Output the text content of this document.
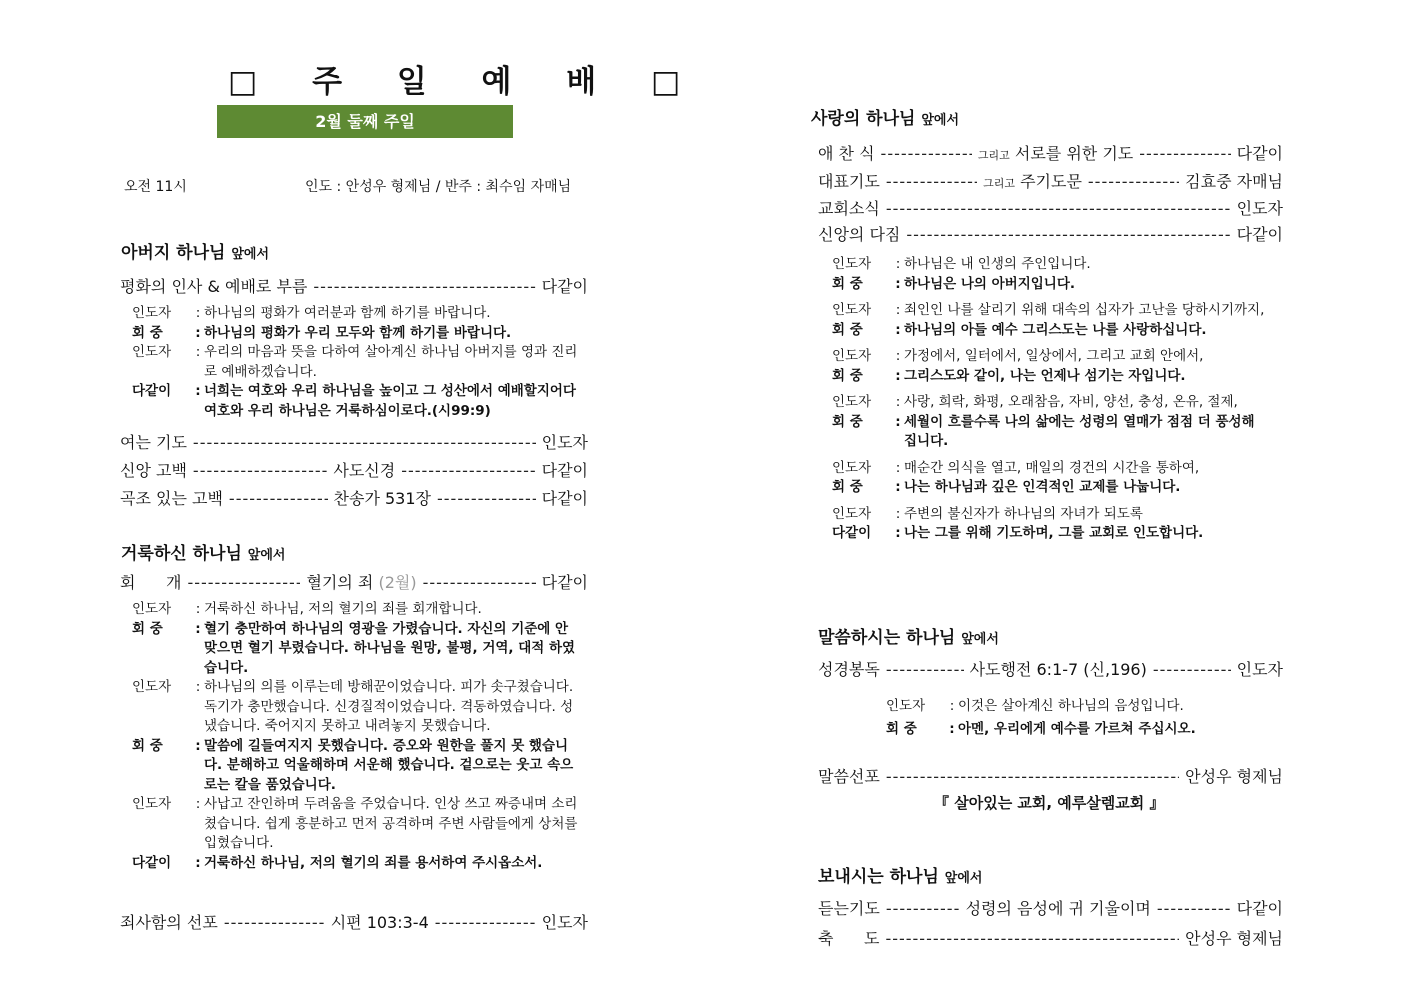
□ 주 일 예 배 □
2월 둘째 주일
오전 11시	인도 : 안성우 형제님 / 반주 : 최수임 자매님
아버지 하나님 앞에서
평화의 인사 & 예배로 부름 -----	다같이
인도자	: 하나님의 평화가 여러분과 함께 하기를 바랍니다.
회 중	: 하나님의 평화가 우리 모두와 함께 하기를 바랍니다.
인도자	: 우리의 마음과 뜻을 다하여 살아계신 하나님 아버지를 영과 진리로 예배하겠습니다.
다같이	: 너희는 여호와 우리 하나님을 높이고 그 성산에서 예배할지어다 여호와 우리 하나님은 거룩하심이로다.(시99:9)
여는 기도 -----	인도자
신앙 고백 -----	사도신경 -----	다같이
곡조 있는 고백 -----	찬송가 531장 -----	다같이
거룩하신 하나님 앞에서
회      개 -----	혈기의 죄 (2월) -----	다같이
인도자	: 거룩하신 하나님, 저의 혈기의 죄를 회개합니다.
회 중	: 혈기 충만하여 하나님의 영광을 가렸습니다. 자신의 기준에 안 맞으면 혈기 부렸습니다. 하나님을 원망, 불평, 거역, 대적 하였습니다.
인도자	: 하나님의 의를 이루는데 방해꾼이었습니다. 피가 솟구쳤습니다. 독기가 충만했습니다. 신경질적이었습니다. 격동하였습니다. 성냈습니다. 죽어지지 못하고 내려놓지 못했습니다.
회 중	: 말씀에 길들여지지 못했습니다. 증오와 원한을 풀지 못 했습니다. 분해하고 억울해하며 서운해 했습니다. 겉으로는 웃고 속으로는 칼을 품었습니다.
인도자	: 사납고 잔인하며 두려움을 주었습니다. 인상 쓰고 짜증내며 소리쳤습니다. 쉽게 흥분하고 먼저 공격하며 주변 사람들에게 상처를 입혔습니다.
다같이	: 거룩하신 하나님, 저의 혈기의 죄를 용서하여 주시옵소서.
죄사함의 선포 -----	시편 103:3-4 -----	인도자
사랑의 하나님 앞에서
애 찬 식 -----	그리고 서로를 위한 기도 -----	다같이
대표기도 -----	그리고 주기도문 -----	김효중 자매님
교회소식 -----	인도자
신앙의 다짐 -----	다같이
인도자	: 하나님은 내 인생의 주인입니다.
회 중	: 하나님은 나의 아버지입니다.
인도자	: 죄인인 나를 살리기 위해 대속의 십자가 고난을 당하시기까지,
회 중	: 하나님의 아들 예수 그리스도는 나를 사랑하십니다.
인도자	: 가정에서, 일터에서, 일상에서, 그리고 교회 안에서,
회 중	: 그리스도와 같이, 나는 언제나 섬기는 자입니다.
인도자	: 사랑, 희락, 화평, 오래참음, 자비, 양선, 충성, 온유, 절제,
회 중	: 세월이 흐를수록 나의 삶에는 성령의 열매가 점점 더 풍성해 집니다.
인도자	: 매순간 의식을 열고, 매일의 경건의 시간을 통하여,
회 중	: 나는 하나님과 깊은 인격적인 교제를 나눕니다.
인도자	: 주변의 불신자가 하나님의 자녀가 되도록
다같이	: 나는 그를 위해 기도하며, 그를 교회로 인도합니다.
말씀하시는 하나님 앞에서
성경봉독 -----	사도행전 6:1-7 (신,196) -----	인도자
인도자	: 이것은 살아계신 하나님의 음성입니다.
회 중	: 아멘, 우리에게 예수를 가르쳐 주십시오.
말씀선포 -----	안성우 형제님
『 살아있는 교회, 예루살렘교회 』
보내시는 하나님 앞에서
듣는기도 -----	성령의 음성에 귀 기울이며 -----	다같이
축      도 -----	안성우 형제님
